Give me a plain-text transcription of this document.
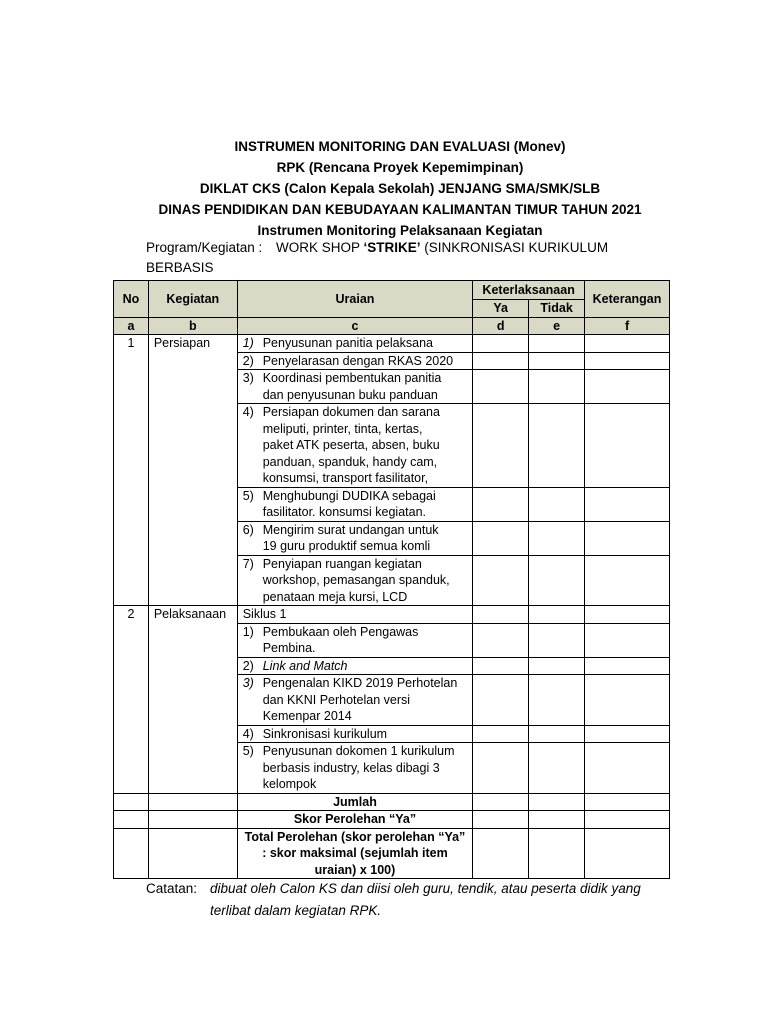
INSTRUMEN MONITORING DAN EVALUASI (Monev)
RPK (Rencana Proyek Kepemimpinan)
DIKLAT CKS (Calon Kepala Sekolah) JENJANG SMA/SMK/SLB
DINAS PENDIDIKAN DAN KEBUDAYAAN KALIMANTAN TIMUR TAHUN 2021
Instrumen Monitoring Pelaksanaan Kegiatan
Program/Kegiatan : WORK SHOP ‘STRIKE’ (SINKRONISASI KURIKULUM BERBASIS
No	Kegiatan	Uraian	Keterlaksanaan		Keterangan
			Ya	Tidak	
a	b	c	d	e	f
1	Persiapan	1) Penyusunan panitia pelaksana			
		2) Penyelarasan dengan RKAS 2020			
		3) Koordinasi pembentukan panitia
dan penyusunan buku panduan			
		4) Persiapan dokumen dan sarana
meliputi, printer, tinta, kertas,
paket ATK peserta, absen, buku
panduan, spanduk, handy cam,
konsumsi, transport fasilitator,			
		5) Menghubungi DUDIKA sebagai
fasilitator. konsumsi kegiatan.			
		6) Mengirim surat undangan untuk
19 guru produktif semua komli			
		7) Penyiapan ruangan kegiatan
workshop, pemasangan spanduk,
penataan meja kursi, LCD			
2	Pelaksanaan	Siklus 1			
		1) Pembukaan oleh Pengawas
Pembina.			
		2) Link and Match			
		3) Pengenalan KIKD 2019 Perhotelan
dan KKNI Perhotelan versi
Kemenpar 2014			
		4) Sinkronisasi kurikulum			
		5) Penyusunan dokomen 1 kurikulum
berbasis industry, kelas dibagi 3
kelompok			
		Jumlah			
		Skor Perolehan “Ya”			
		Total Perolehan (skor perolehan “Ya”
: skor maksimal (sejumlah item
uraian) x 100)			
Catatan: dibuat oleh Calon KS dan diisi oleh guru, tendik, atau peserta didik yang
terlibat dalam kegiatan RPK.
